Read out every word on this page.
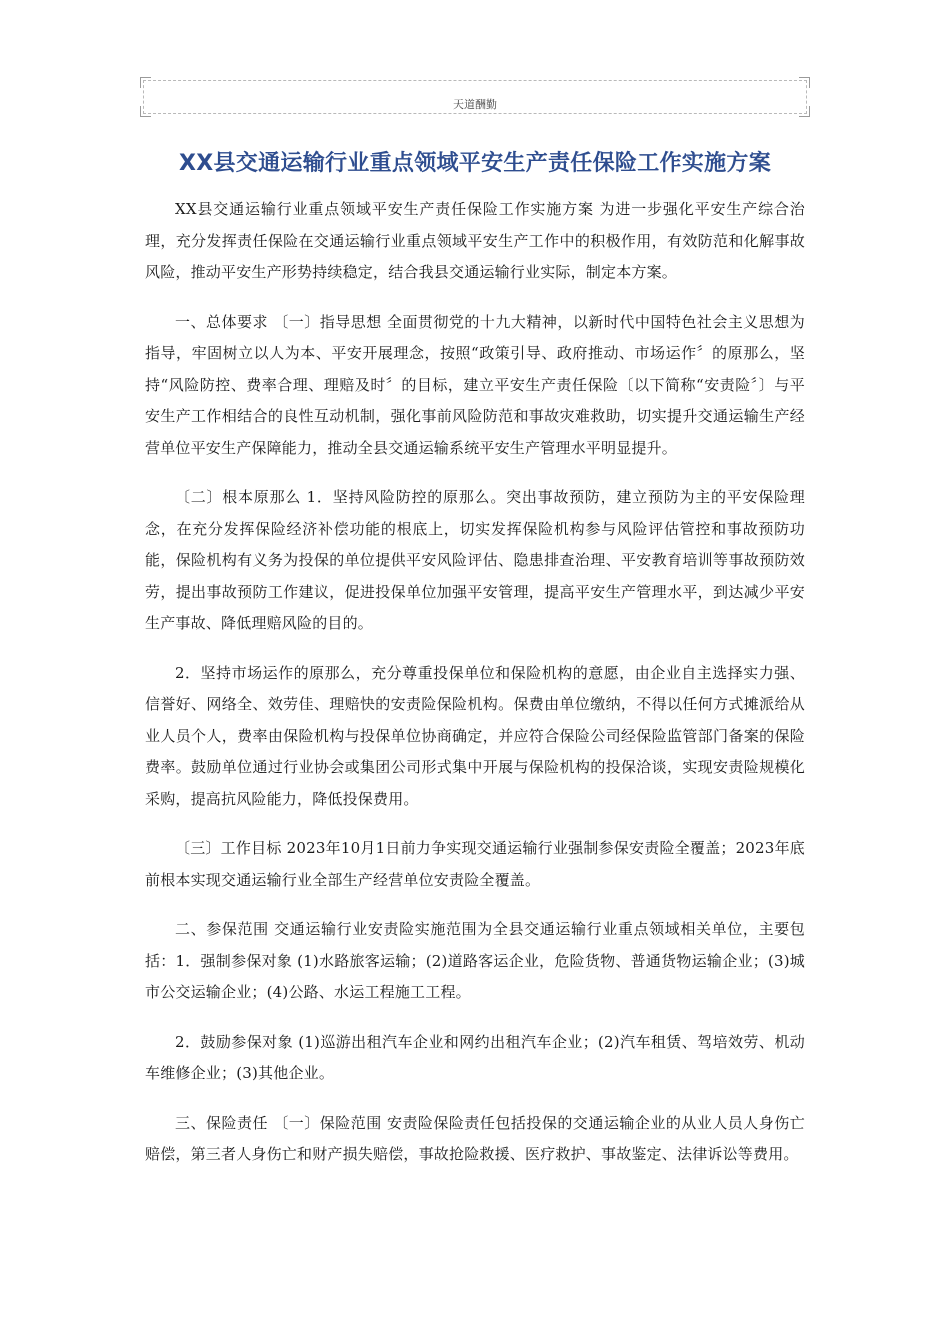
天道酬勤
XX县交通运输行业重点领域平安生产责任保险工作实施方案

XX县交通运输行业重点领域平安生产责任保险工作实施方案 为进一步强化平安生产综合治理，充分发挥责任保险在交通运输行业重点领域平安生产工作中的积极作用，有效防范和化解事故风险，推动平安生产形势持续稳定，结合我县交通运输行业实际，制定本方案。

一、总体要求 〔一〕指导思想 全面贯彻党的十九大精神，以新时代中国特色社会主义思想为指导，牢固树立以人为本、平安开展理念，按照“政策引导、政府推动、市场运作〞的原那么，坚持“风险防控、费率合理、理赔及时〞的目标，建立平安生产责任保险〔以下简称“安责险〞〕与平安生产工作相结合的良性互动机制，强化事前风险防范和事故灾难救助，切实提升交通运输生产经营单位平安生产保障能力，推动全县交通运输系统平安生产管理水平明显提升。

〔二〕根本原那么 1．坚持风险防控的原那么。突出事故预防，建立预防为主的平安保险理念，在充分发挥保险经济补偿功能的根底上，切实发挥保险机构参与风险评估管控和事故预防功能，保险机构有义务为投保的单位提供平安风险评估、隐患排查治理、平安教育培训等事故预防效劳，提出事故预防工作建议，促进投保单位加强平安管理，提高平安生产管理水平，到达减少平安生产事故、降低理赔风险的目的。

2．坚持市场运作的原那么，充分尊重投保单位和保险机构的意愿，由企业自主选择实力强、信誉好、网络全、效劳佳、理赔快的安责险保险机构。保费由单位缴纳，不得以任何方式摊派给从业人员个人，费率由保险机构与投保单位协商确定，并应符合保险公司经保险监管部门备案的保险费率。鼓励单位通过行业协会或集团公司形式集中开展与保险机构的投保洽谈，实现安责险规模化采购，提高抗风险能力，降低投保费用。

〔三〕工作目标 2023年10月1日前力争实现交通运输行业强制参保安责险全覆盖；2023年底前根本实现交通运输行业全部生产经营单位安责险全覆盖。

二、参保范围 交通运输行业安责险实施范围为全县交通运输行业重点领域相关单位，主要包括：1．强制参保对象 (1)水路旅客运输；(2)道路客运企业，危险货物、普通货物运输企业；(3)城市公交运输企业；(4)公路、水运工程施工工程。

2．鼓励参保对象 (1)巡游出租汽车企业和网约出租汽车企业；(2)汽车租赁、驾培效劳、机动车维修企业；(3)其他企业。

三、保险责任 〔一〕保险范围 安责险保险责任包括投保的交通运输企业的从业人员人身伤亡赔偿，第三者人身伤亡和财产损失赔偿，事故抢险救援、医疗救护、事故鉴定、法律诉讼等费用。
